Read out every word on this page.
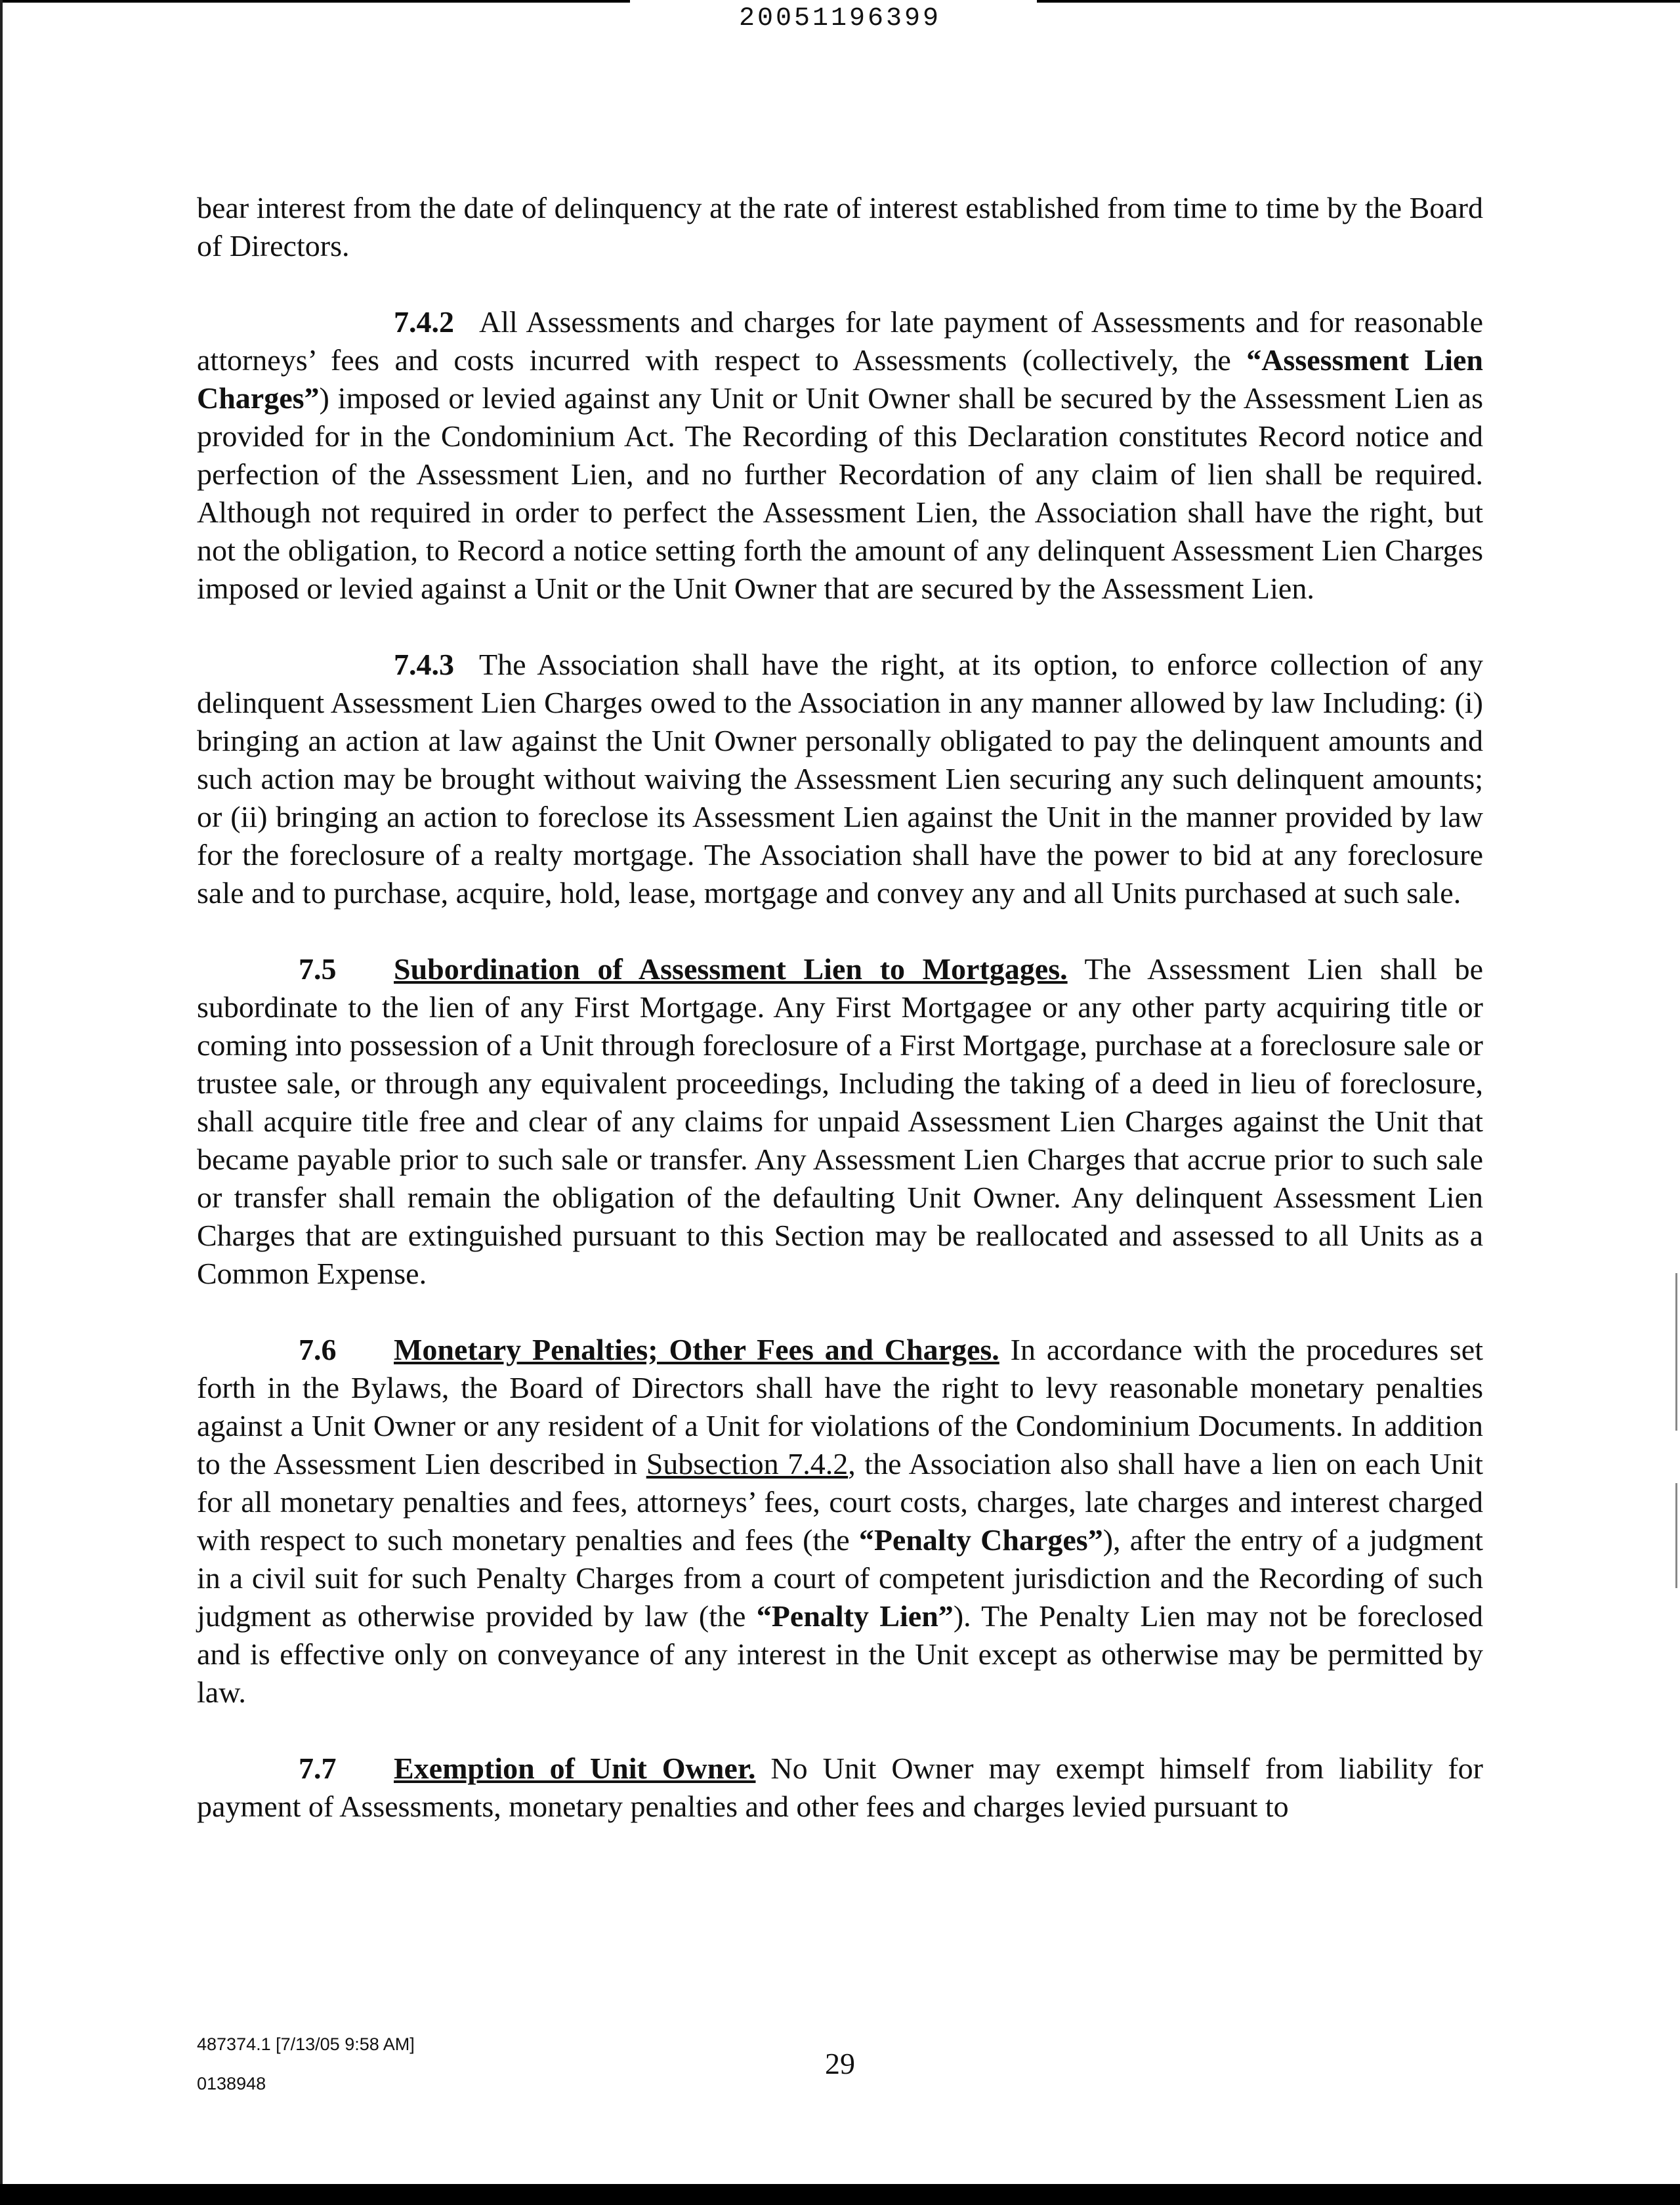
20051196399

bear interest from the date of delinquency at the rate of interest established from time to time by the Board of Directors.

7.4.2 All Assessments and charges for late payment of Assessments and for reasonable attorneys’ fees and costs incurred with respect to Assessments (collectively, the “Assessment Lien Charges”) imposed or levied against any Unit or Unit Owner shall be secured by the Assessment Lien as provided for in the Condominium Act. The Recording of this Declaration constitutes Record notice and perfection of the Assessment Lien, and no further Recordation of any claim of lien shall be required. Although not required in order to perfect the Assessment Lien, the Association shall have the right, but not the obligation, to Record a notice setting forth the amount of any delinquent Assessment Lien Charges imposed or levied against a Unit or the Unit Owner that are secured by the Assessment Lien.

7.4.3 The Association shall have the right, at its option, to enforce collection of any delinquent Assessment Lien Charges owed to the Association in any manner allowed by law Including: (i) bringing an action at law against the Unit Owner personally obligated to pay the delinquent amounts and such action may be brought without waiving the Assessment Lien securing any such delinquent amounts; or (ii) bringing an action to foreclose its Assessment Lien against the Unit in the manner provided by law for the foreclosure of a realty mortgage. The Association shall have the power to bid at any foreclosure sale and to purchase, acquire, hold, lease, mortgage and convey any and all Units purchased at such sale.

7.5 Subordination of Assessment Lien to Mortgages. The Assessment Lien shall be subordinate to the lien of any First Mortgage. Any First Mortgagee or any other party acquiring title or coming into possession of a Unit through foreclosure of a First Mortgage, purchase at a foreclosure sale or trustee sale, or through any equivalent proceedings, Including the taking of a deed in lieu of foreclosure, shall acquire title free and clear of any claims for unpaid Assessment Lien Charges against the Unit that became payable prior to such sale or transfer. Any Assessment Lien Charges that accrue prior to such sale or transfer shall remain the obligation of the defaulting Unit Owner. Any delinquent Assessment Lien Charges that are extinguished pursuant to this Section may be reallocated and assessed to all Units as a Common Expense.

7.6 Monetary Penalties; Other Fees and Charges. In accordance with the procedures set forth in the Bylaws, the Board of Directors shall have the right to levy reasonable monetary penalties against a Unit Owner or any resident of a Unit for violations of the Condominium Documents. In addition to the Assessment Lien described in Subsection 7.4.2, the Association also shall have a lien on each Unit for all monetary penalties and fees, attorneys’ fees, court costs, charges, late charges and interest charged with respect to such monetary penalties and fees (the “Penalty Charges”), after the entry of a judgment in a civil suit for such Penalty Charges from a court of competent jurisdiction and the Recording of such judgment as otherwise provided by law (the “Penalty Lien”). The Penalty Lien may not be foreclosed and is effective only on conveyance of any interest in the Unit except as otherwise may be permitted by law.

7.7 Exemption of Unit Owner. No Unit Owner may exempt himself from liability for payment of Assessments, monetary penalties and other fees and charges levied pursuant to

487374.1 [7/13/05 9:58 AM]
0138948
29
